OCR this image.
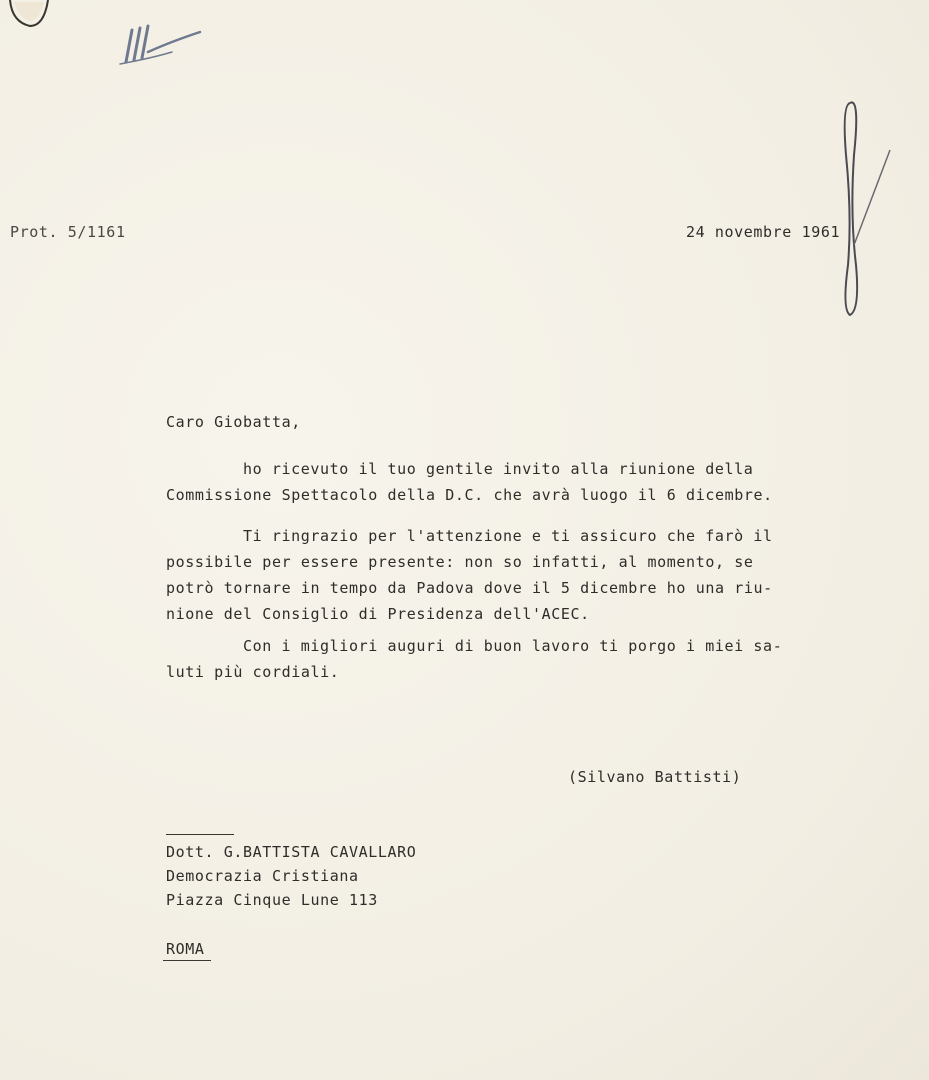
Prot. 5/1161	24 novembre 1961
Caro Giobatta,
ho ricevuto il tuo gentile invito alla riunione della
Commissione Spettacolo della D.C. che avrà luogo il 6 dicembre.
Ti ringrazio per l'attenzione e ti assicuro che farò il
possibile per essere presente: non so infatti, al momento, se
potrò tornare in tempo da Padova dove il 5 dicembre ho una riu-
nione del Consiglio di Presidenza dell'ACEC.
Con i migliori auguri di buon lavoro ti porgo i miei sa-
luti più cordiali.
(Silvano Battisti)
Dott. G.BATTISTA CAVALLARO
Democrazia Cristiana
Piazza Cinque Lune 113
ROMA
